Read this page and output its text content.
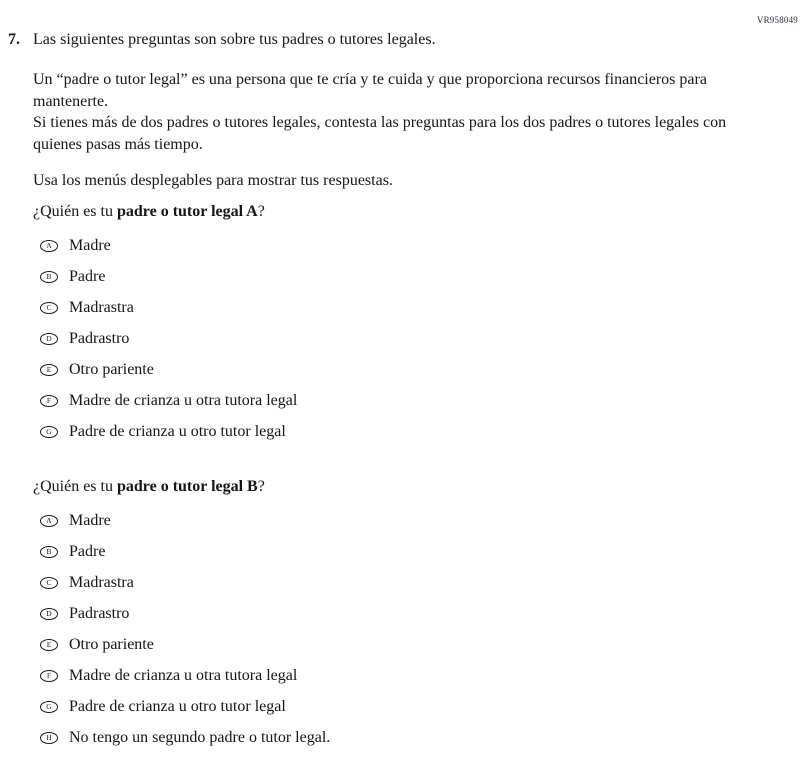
VR958049
7. Las siguientes preguntas son sobre tus padres o tutores legales.

Un “padre o tutor legal” es una persona que te cría y te cuida y que proporciona recursos financieros para mantenerte.

Si tienes más de dos padres o tutores legales, contesta las preguntas para los dos padres o tutores legales con quienes pasas más tiempo.

Usa los menús desplegables para mostrar tus respuestas.

¿Quién es tu padre o tutor legal A?

A	Madre
B	Padre
C	Madrastra
D	Padrastro
E	Otro pariente
F	Madre de crianza u otra tutora legal
G	Padre de crianza u otro tutor legal

¿Quién es tu padre o tutor legal B?

A	Madre
B	Padre
C	Madrastra
D	Padrastro
E	Otro pariente
F	Madre de crianza u otra tutora legal
G	Padre de crianza u otro tutor legal
H	No tengo un segundo padre o tutor legal.
